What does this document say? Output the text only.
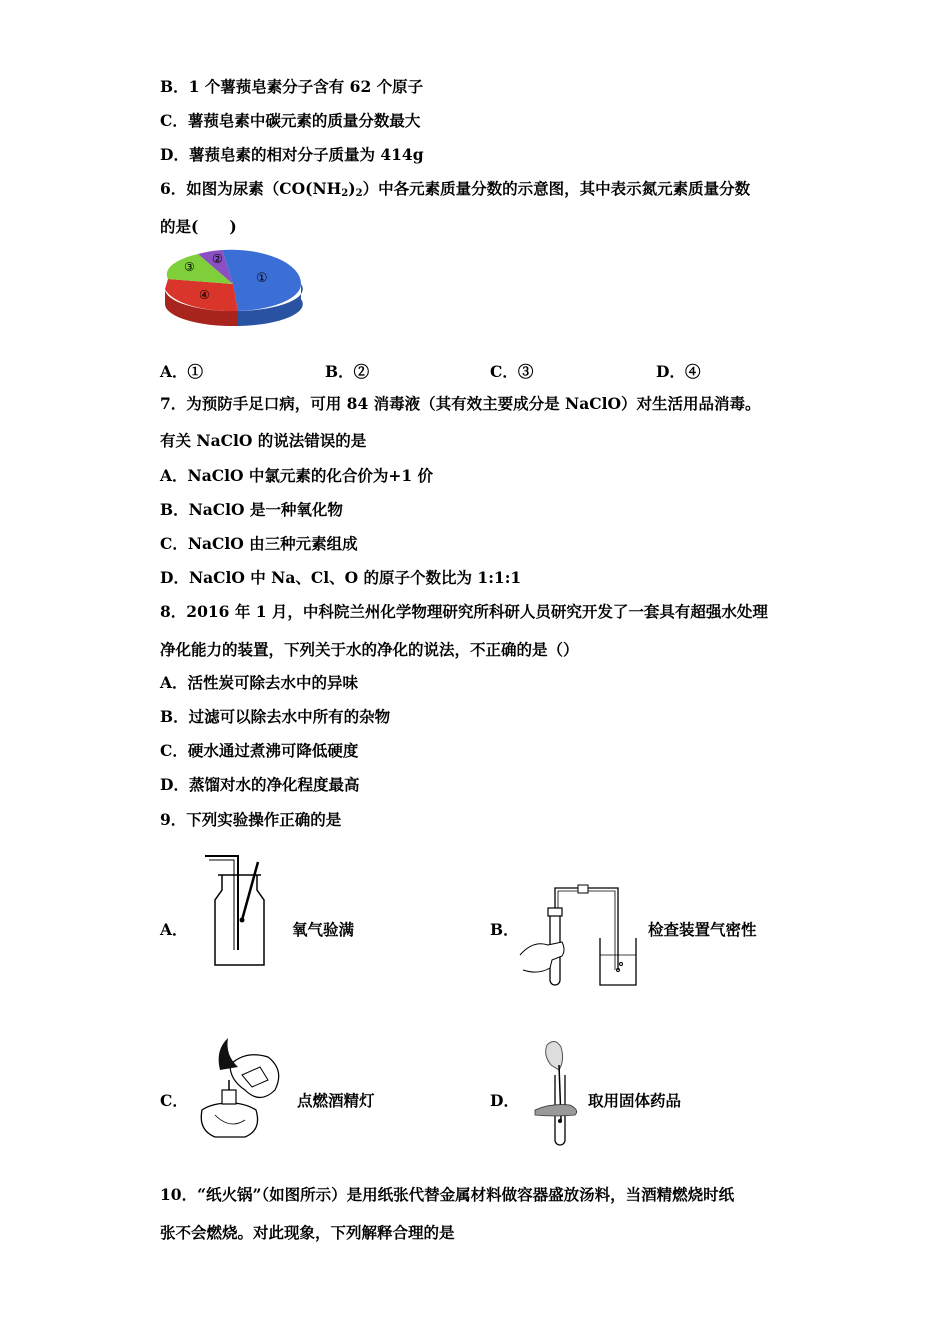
B．1 个薯蓣皂素分子含有 62 个原子
C．薯蓣皂素中碳元素的质量分数最大
D．薯蓣皂素的相对分子质量为 414g
6．如图为尿素$(CO(NH_2)_2)$中各元素质量分数的示意图，其中表示氮元素质量分数
的是(　　)
①
②
③
④
A．①	B．②	C．③	D．④
7．为预防手足口病，可用 84 消毒液（其有效主要成分是 NaClO）对生活用品消毒。
有关 NaClO 的说法错误的是
A．NaClO 中氯元素的化合价为+1 价
B．NaClO 是一种氧化物
C．NaClO 由三种元素组成
D．NaClO 中 Na、Cl、O 的原子个数比为 1:1:1
8．2016 年 1 月，中科院兰州化学物理研究所科研人员研究开发了一套具有超强水处理
净化能力的装置，下列关于水的净化的说法，不正确的是（）
A．活性炭可除去水中的异味
B．过滤可以除去水中所有的杂物
C．硬水通过煮沸可降低硬度
D．蒸馏对水的净化程度最高
9．下列实验操作正确的是
A．	氧气验满	B．	检查装置气密性
C．	点燃酒精灯	D．	取用固体药品
10．“纸火锅”（如图所示）是用纸张代替金属材料做容器盛放汤料，当酒精燃烧时纸
张不会燃烧。对此现象，下列解释合理的是
